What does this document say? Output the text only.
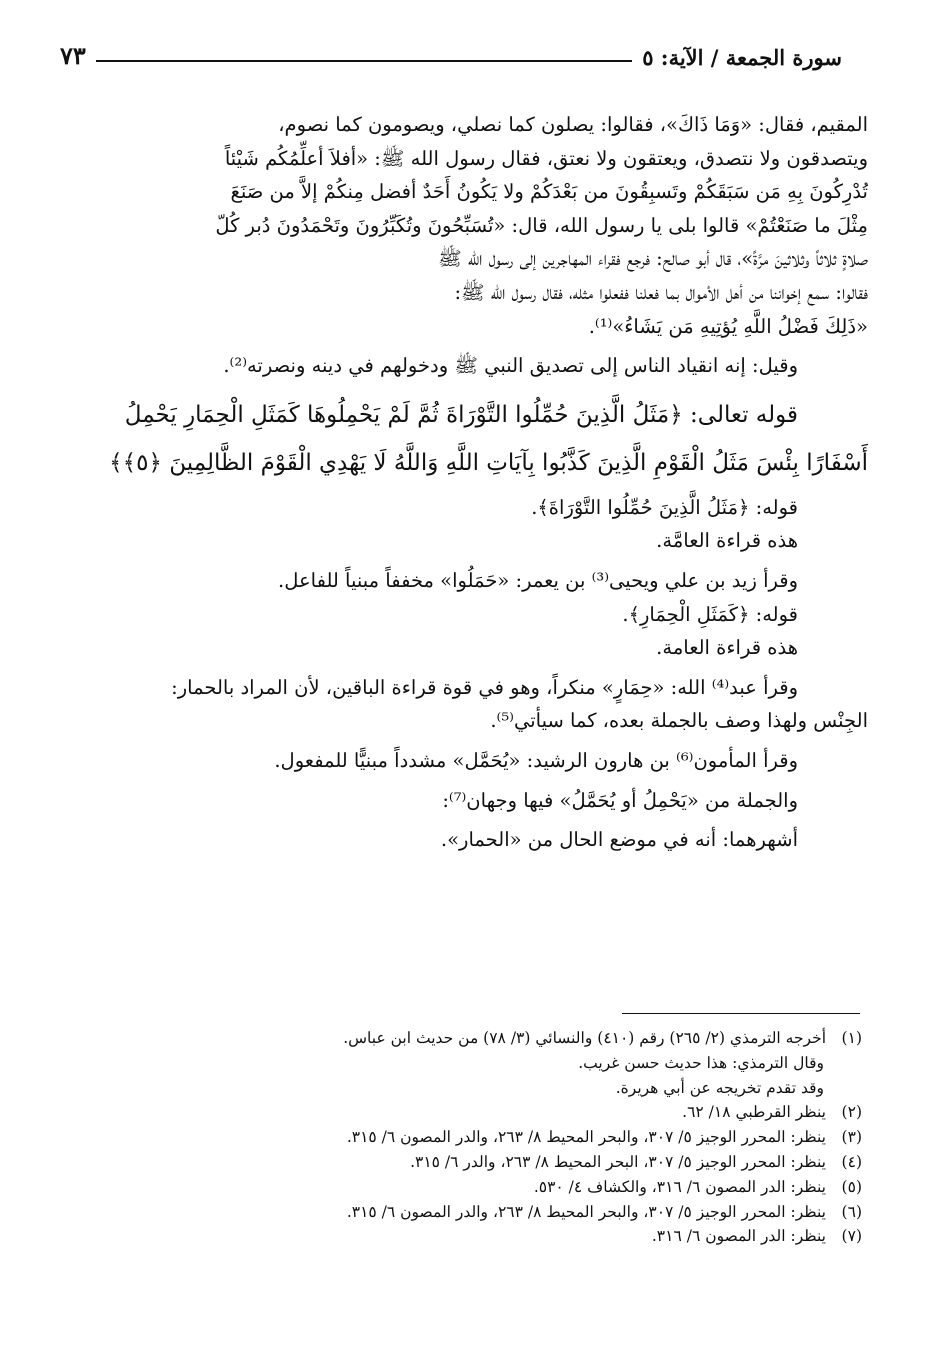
سورة الجمعة / الآية: ٥
٧٣

المقيم، فقال: «وَمَا ذَاكَ»، فقالوا: يصلون كما نصلي، ويصومون كما نصوم،

ويتصدقون ولا نتصدق، ويعتقون ولا نعتق، فقال رسول الله ﷺ: «أفلاَ أعلِّمُكُم شَيْئاً

تُدْرِكُونَ بِهِ مَن سَبَقَكُمْ وتَسبِقُونَ من بَعْدَكُمْ ولا يَكُونُ أَحَدٌ أفضل مِنكُمْ إلاَّ من صَنَعَ

مِثْلَ ما صَنَعْتُمْ» قالوا بلى يا رسول الله، قال: «تُسَبِّحُونَ وتُكَبِّرُونَ وتَحْمَدُونَ دُبر كُلّ

صلاةٍ ثلاثاً وثلاثينَ مرَّةً»، قال أبو صالح: فرجع فقراء المهاجرين إلى رسول الله ﷺ

فقالوا: سمع إخواننا من أهل الأموال بما فعلنا ففعلوا مثله، فقال رسول الله ﷺ:

«ذَلِكَ فَضْلُ اللَّهِ يُؤتِيهِ مَن يَشَاءُ»⁽¹⁾.

وقيل: إنه انقياد الناس إلى تصديق النبي ﷺ ودخولهم في دينه ونصرته⁽²⁾.

قوله تعالى: ﴿مَثَلُ الَّذِينَ حُمِّلُوا التَّوْرَاةَ ثُمَّ لَمْ يَحْمِلُوهَا كَمَثَلِ الْحِمَارِ يَحْمِلُ

أَسْفَارًا بِئْسَ مَثَلُ الْقَوْمِ الَّذِينَ كَذَّبُوا بِآيَاتِ اللَّهِ وَاللَّهُ لَا يَهْدِي الْقَوْمَ الظَّالِمِينَ ﴿٥﴾﴾

قوله: ﴿مَثَلُ الَّذِينَ حُمِّلُوا التَّوْرَاةَ﴾.

هذه قراءة العامَّة.

وقرأ زيد بن علي ويحيى⁽³⁾ بن يعمر: «حَمَلُوا» مخففاً مبنياً للفاعل.

قوله: ﴿كَمَثَلِ الْحِمَارِ﴾.

هذه قراءة العامة.

وقرأ عبد⁽⁴⁾ الله: «حِمَارٍ» منكراً، وهو في قوة قراءة الباقين، لأن المراد بالحمار:

الجِنْس ولهذا وصف بالجملة بعده، كما سيأتي⁽⁵⁾.

وقرأ المأمون⁽⁶⁾ بن هارون الرشيد: «يُحَمَّل» مشدداً مبنيًّا للمفعول.

والجملة من «يَحْمِلُ أو يُحَمَّلُ» فيها وجهان⁽⁷⁾:

أشهرهما: أنه في موضع الحال من «الحمار».

(١)أخرجه الترمذي (٢/ ٢٦٥) رقم (٤١٠) والنسائي (٣/ ٧٨) من حديث ابن عباس.

وقال الترمذي: هذا حديث حسن غريب.

وقد تقدم تخريجه عن أبي هريرة.

(٢)ينظر القرطبي ١٨/ ٦٢.

(٣)ينظر: المحرر الوجيز ٥/ ٣٠٧، والبحر المحيط ٨/ ٢٦٣، والدر المصون ٦/ ٣١٥.

(٤)ينظر: المحرر الوجيز ٥/ ٣٠٧، البحر المحيط ٨/ ٢٦٣، والدر ٦/ ٣١٥.

(٥)ينظر: الدر المصون ٦/ ٣١٦، والكشاف ٤/ ٥٣٠.

(٦)ينظر: المحرر الوجيز ٥/ ٣٠٧، والبحر المحيط ٨/ ٢٦٣، والدر المصون ٦/ ٣١٥.

(٧)ينظر: الدر المصون ٦/ ٣١٦.
